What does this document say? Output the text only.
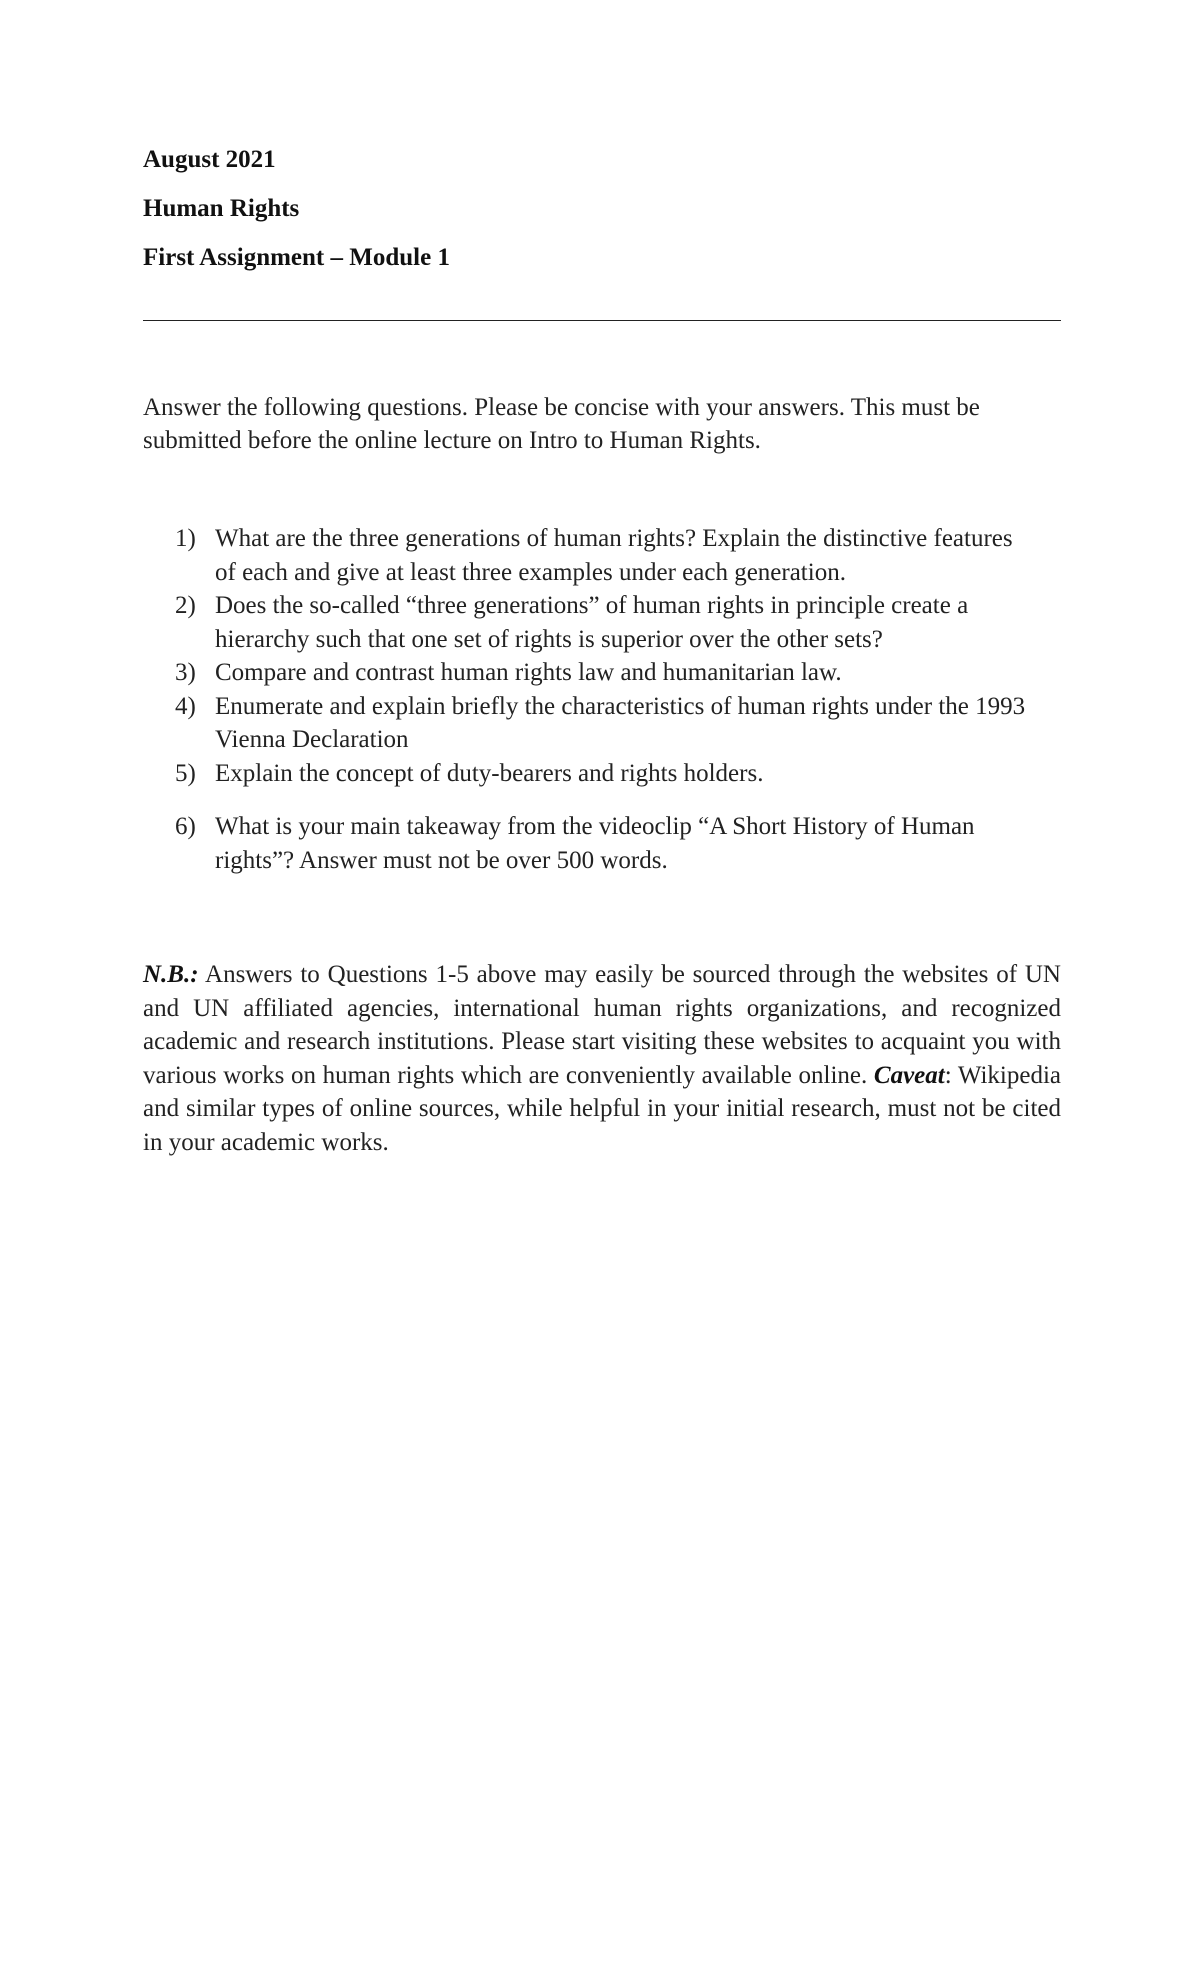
August 2021
Human Rights
First Assignment – Module 1
Answer the following questions. Please be concise with your answers. This must be submitted before the online lecture on Intro to Human Rights.
1) What are the three generations of human rights? Explain the distinctive features of each and give at least three examples under each generation.
2) Does the so-called “three generations” of human rights in principle create a hierarchy such that one set of rights is superior over the other sets?
3) Compare and contrast human rights law and humanitarian law.
4) Enumerate and explain briefly the characteristics of human rights under the 1993 Vienna Declaration
5) Explain the concept of duty-bearers and rights holders.
6) What is your main takeaway from the videoclip “A Short History of Human rights”? Answer must not be over 500 words.
N.B.: Answers to Questions 1-5 above may easily be sourced through the websites of UN and UN affiliated agencies, international human rights organizations, and recognized academic and research institutions. Please start visiting these websites to acquaint you with various works on human rights which are conveniently available online. Caveat: Wikipedia and similar types of online sources, while helpful in your initial research, must not be cited in your academic works.
